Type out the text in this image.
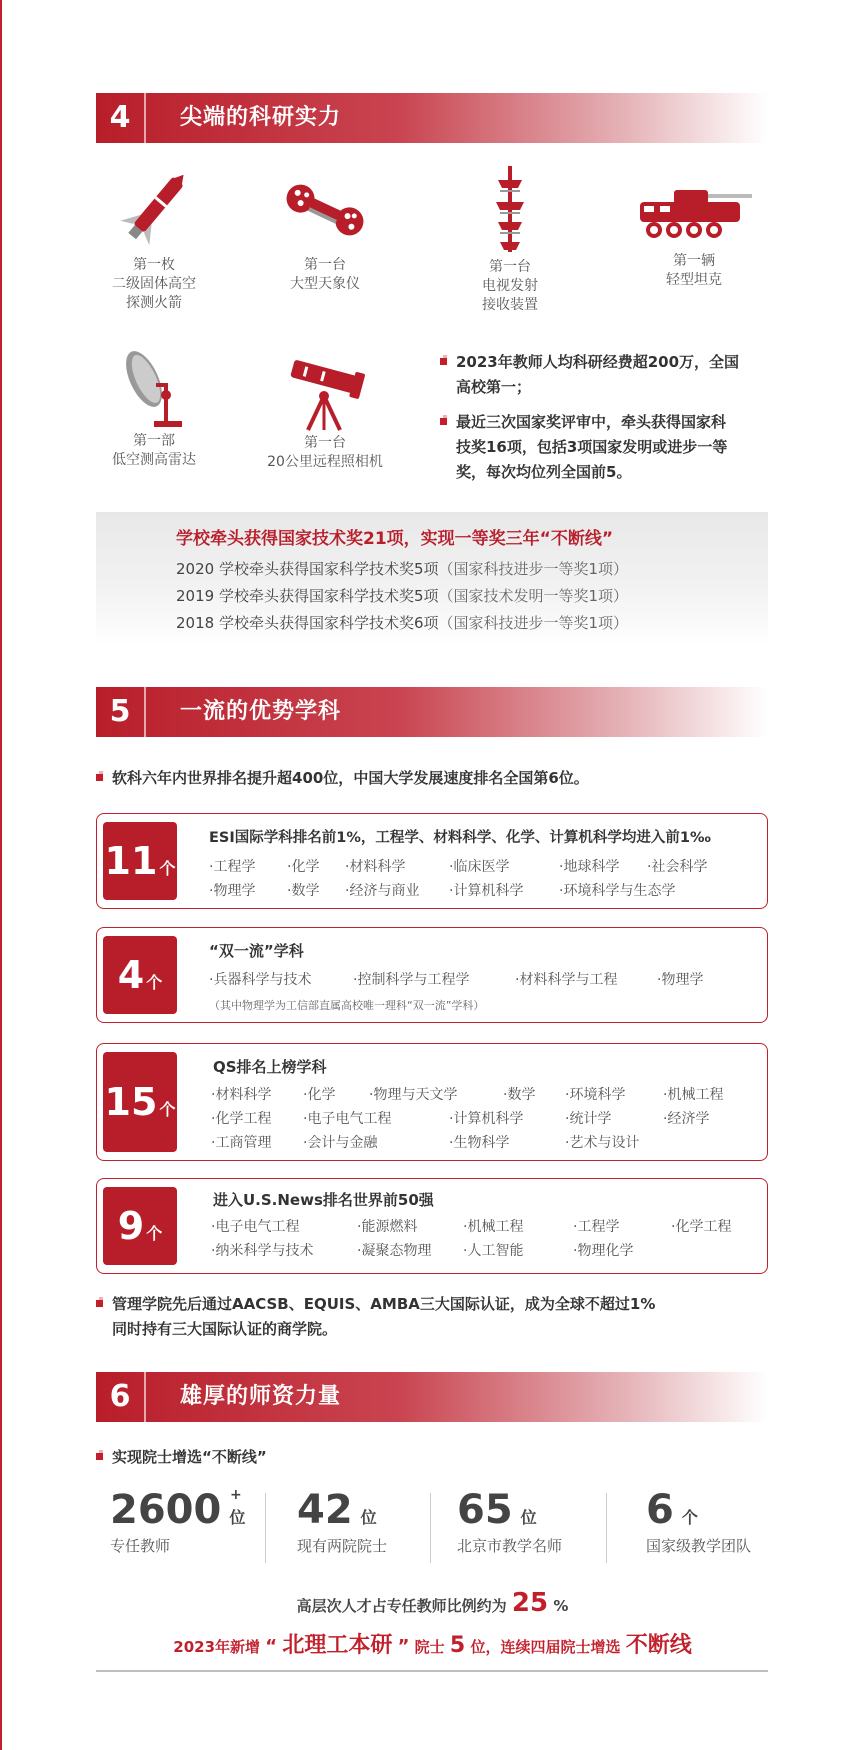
4	尖端的科研实力
第一枚
二级固体高空
探测火箭
第一台
大型天象仪
第一台
电视发射
接收装置
第一辆
轻型坦克
第一部
低空测高雷达
第一台
20公里远程照相机
2023年教师人均科研经费超200万，全国
高校第一；
最近三次国家奖评审中，牵头获得国家科
技奖16项，包括3项国家发明或进步一等
奖，每次均位列全国前5。
学校牵头获得国家技术奖21项，实现一等奖三年“不断线”
2020 学校牵头获得国家科学技术奖5项（国家科技进步一等奖1项）
2019 学校牵头获得国家科学技术奖5项（国家技术发明一等奖1项）
2018 学校牵头获得国家科学技术奖6项（国家科技进步一等奖1项）
5	一流的优势学科
软科六年内世界排名提升超400位，中国大学发展速度排名全国第6位。
11 个
ESI国际学科排名前1%，工程学、材料科学、化学、计算机科学均进入前1‰
·工程学 ·化学 ·材料科学	·临床医学	·地球科学 ·社会科学
·物理学 ·数学 ·经济与商业 ·计算机科学	·环境科学与生态学
4 个
“双一流”学科
·兵器科学与技术	·控制科学与工程学	·材料科学与工程	·物理学
（其中物理学为工信部直属高校唯一理科“双一流”学科）
15 个
QS排名上榜学科
·材料科学 ·化学 ·物理与天文学	·数学 ·环境科学	·机械工程
·化学工程 ·电子电气工程	·计算机科学	·统计学	·经济学
·工商管理 ·会计与金融	·生物科学	·艺术与设计
9 个
进入U.S.News排名世界前50强
·电子电气工程	·能源燃料	·机械工程	·工程学	·化学工程
·纳米科学与技术	·凝聚态物理 ·人工智能	·物理化学
管理学院先后通过AACSB、EQUIS、AMBA三大国际认证，成为全球不超过1%
同时持有三大国际认证的商学院。
6	雄厚的师资力量
实现院士增选“不断线”
2600 位
+
专任教师
42 位
现有两院院士
65 位
北京市教学名师
6 个
国家级教学团队
高层次人才占专任教师比例约为 25 %
2023年新增 “ 北理工本研 ” 院士 5 位，连续四届院士增选 不断线
